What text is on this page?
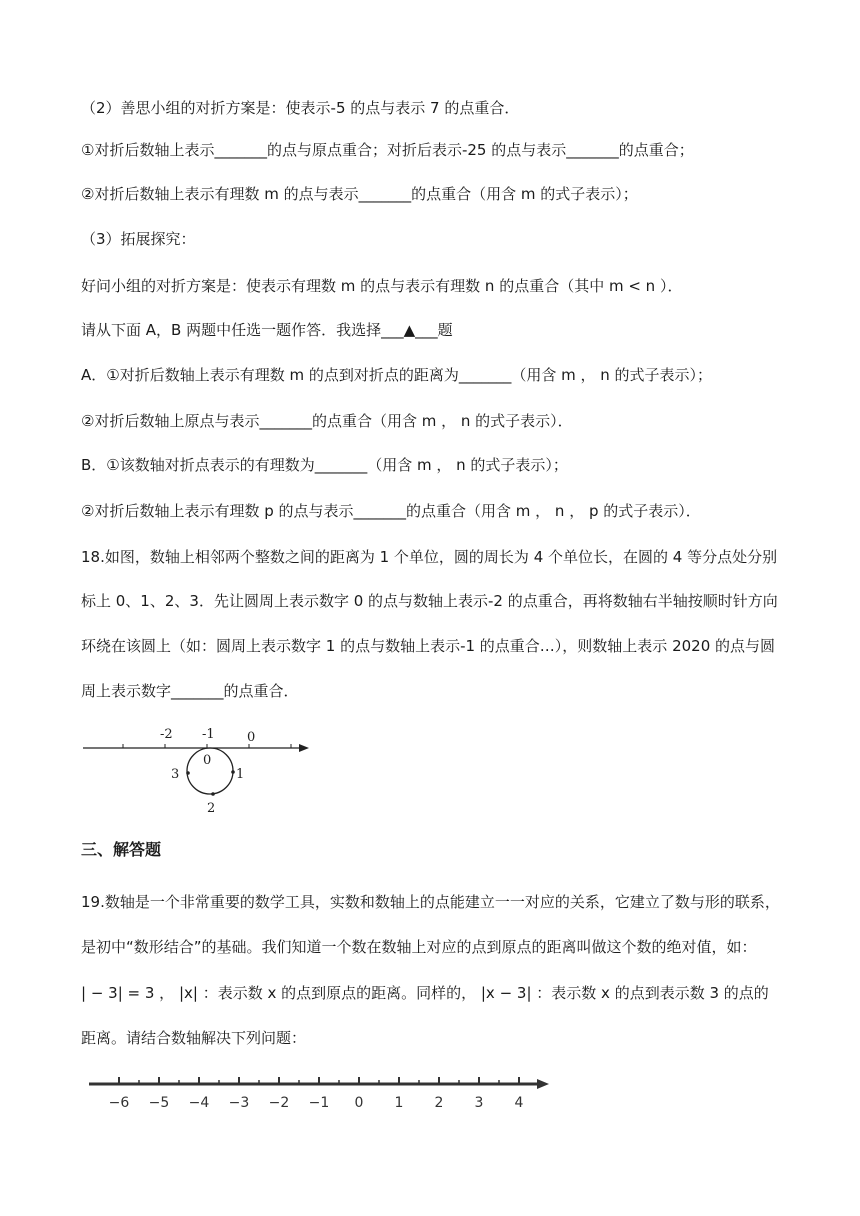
（2）善思小组的对折方案是：使表示-5 的点与表示 7 的点重合．
①对折后数轴上表示_______的点与原点重合；对折后表示-25 的点与表示_______的点重合；
②对折后数轴上表示有理数 m 的点与表示_______的点重合（用含 m 的式子表示）；
（3）拓展探究：
好问小组的对折方案是：使表示有理数 m 的点与表示有理数 n 的点重合（其中 m < n ）．
请从下面 A，B 两题中任选一题作答．我选择___▲___题
A．①对折后数轴上表示有理数 m 的点到对折点的距离为_______（用含 m ， n 的式子表示）；
②对折后数轴上原点与表示_______的点重合（用含 m ， n 的式子表示）．
B．①该数轴对折点表示的有理数为_______（用含 m ， n 的式子表示）；
②对折后数轴上表示有理数 p 的点与表示_______的点重合（用含 m ， n ， p 的式子表示）．
18.如图，数轴上相邻两个整数之间的距离为 1 个单位，圆的周长为 4 个单位长，在圆的 4 等分点处分别
标上 0、1、2、3．先让圆周上表示数字 0 的点与数轴上表示-2 的点重合，再将数轴右半轴按顺时针方向
环绕在该圆上（如：圆周上表示数字 1 的点与数轴上表示-1 的点重合…），则数轴上表示 2020 的点与圆
周上表示数字_______的点重合．
-2 -1 0
0
1
2
3
三、解答题
19.数轴是一个非常重要的数学工具，实数和数轴上的点能建立一一对应的关系，它建立了数与形的联系，
是初中“数形结合”的基础。我们知道一个数在数轴上对应的点到原点的距离叫做这个数的绝对值，如：
| − 3| = 3 ， |x| ：表示数 x 的点到原点的距离。同样的， |x − 3| ：表示数 x 的点到表示数 3 的点的
距离。请结合数轴解决下列问题：
−6 −5 −4 −3 −2 −1 0 1 2 3 4
